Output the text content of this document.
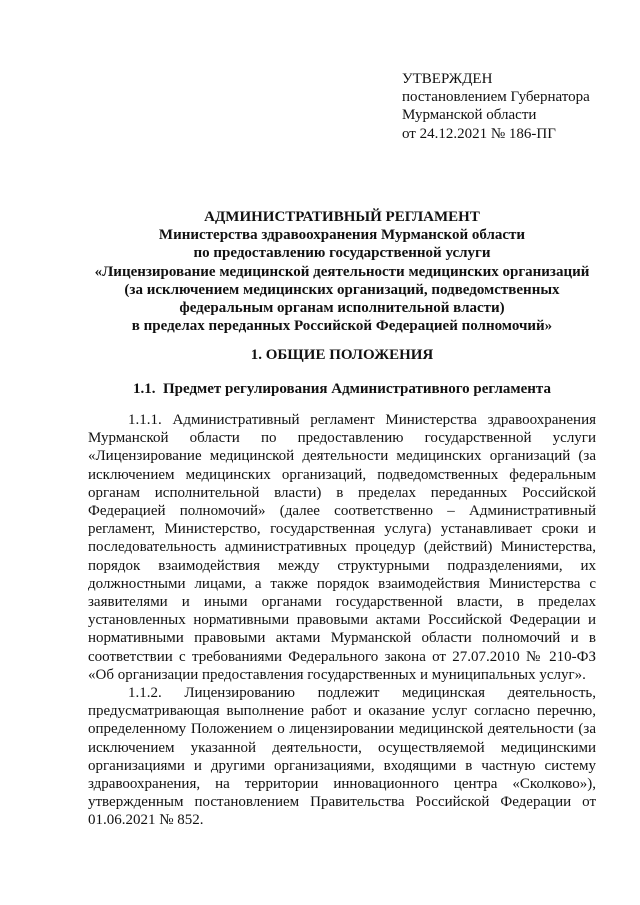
УТВЕРЖДЕН
постановлением Губернатора
Мурманской области
от 24.12.2021 № 186-ПГ
АДМИНИСТРАТИВНЫЙ РЕГЛАМЕНТ
Министерства здравоохранения Мурманской области
по предоставлению государственной услуги
«Лицензирование медицинской деятельности медицинских организаций
(за исключением медицинских организаций, подведомственных
федеральным органам исполнительной власти)
в пределах переданных Российской Федерацией полномочий»
1. ОБЩИЕ ПОЛОЖЕНИЯ
1.1. Предмет регулирования Административного регламента

1.1.1. Административный регламент Министерства здравоохранения Мурманской области по предоставлению государственной услуги «Лицензирование медицинской деятельности медицинских организаций (за исключением медицинских организаций, подведомственных федеральным органам исполнительной власти) в пределах переданных Российской Федерацией полномочий» (далее соответственно – Административный регламент, Министерство, государственная услуга) устанавливает сроки и последовательность административных процедур (действий) Министерства, порядок взаимодействия между структурными подразделениями, их должностными лицами, а также порядок взаимодействия Министерства с заявителями и иными органами государственной власти, в пределах установленных нормативными правовыми актами Российской Федерации и нормативными правовыми актами Мурманской области полномочий и в соответствии с требованиями Федерального закона от 27.07.2010 № 210-ФЗ «Об организации предоставления государственных и муниципальных услуг».

1.1.2. Лицензированию подлежит медицинская деятельность, предусматривающая выполнение работ и оказание услуг согласно перечню, определенному Положением о лицензировании медицинской деятельности (за исключением указанной деятельности, осуществляемой медицинскими организациями и другими организациями, входящими в частную систему здравоохранения, на территории инновационного центра «Сколково»), утвержденным постановлением Правительства Российской Федерации от 01.06.2021 № 852.
